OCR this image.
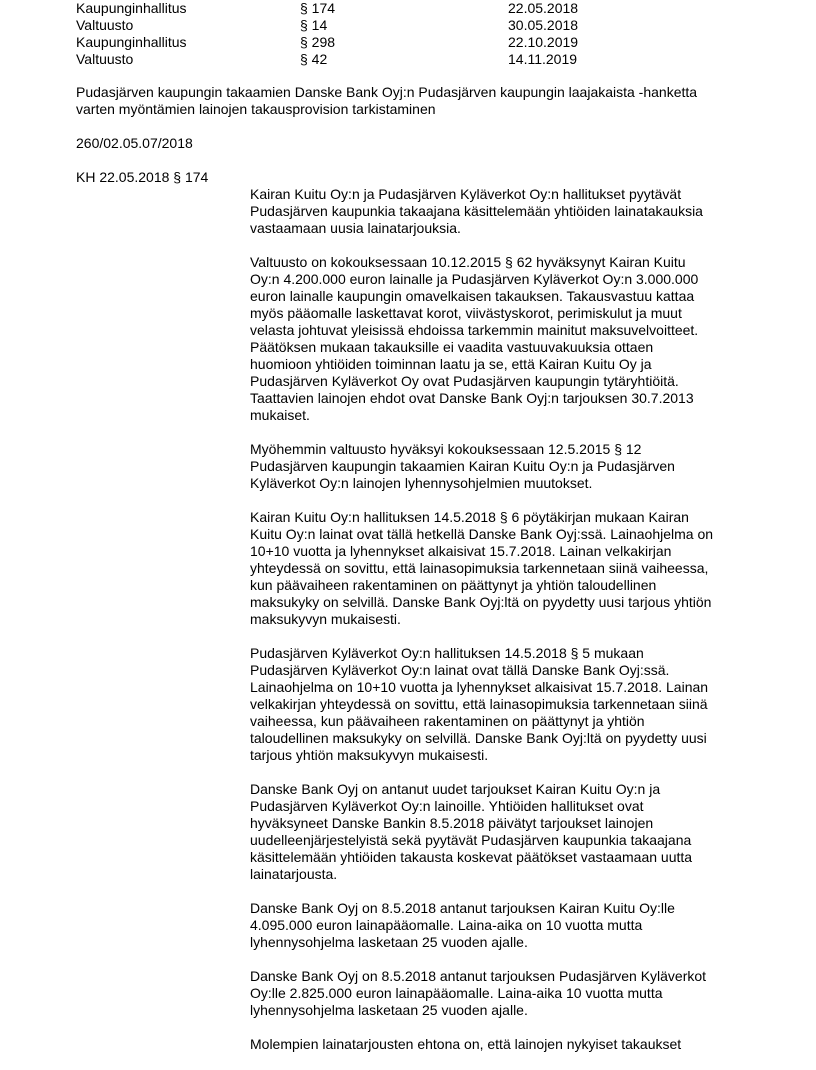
Kaupunginhallitus	§ 174	22.05.2018
Valtuusto	§ 14	30.05.2018
Kaupunginhallitus	§ 298	22.10.2019
Valtuusto	§ 42	14.11.2019
Pudasjärven kaupungin takaamien Danske Bank Oyj:n Pudasjärven kaupungin laajakaista -hanketta
varten myöntämien lainojen takausprovision tarkistaminen
260/02.05.07/2018
KH 22.05.2018 § 174

Kairan Kuitu Oy:n ja Pudasjärven Kyläverkot Oy:n hallitukset pyytävät
Pudasjärven kaupunkia takaajana käsittelemään yhtiöiden lainatakauksia
vastaamaan uusia lainatarjouksia.

Valtuusto on kokouksessaan 10.12.2015 § 62 hyväksynyt Kairan Kuitu
Oy:n 4.200.000 euron lainalle ja Pudasjärven Kyläverkot Oy:n 3.000.000
euron lainalle kaupungin omavelkaisen takauksen. Takausvastuu kattaa
myös pääomalle laskettavat korot, viivästyskorot, perimiskulut ja muut
velasta johtuvat yleisissä ehdoissa tarkemmin mainitut maksuvelvoitteet.
Päätöksen mukaan takauksille ei vaadita vastuuvakuuksia ottaen
huomioon yhtiöiden toiminnan laatu ja se, että Kairan Kuitu Oy ja
Pudasjärven Kyläverkot Oy ovat Pudasjärven kaupungin tytäryhtiöitä.
Taattavien lainojen ehdot ovat Danske Bank Oyj:n tarjouksen 30.7.2013
mukaiset.

Myöhemmin valtuusto hyväksyi kokouksessaan 12.5.2015 § 12
Pudasjärven kaupungin takaamien Kairan Kuitu Oy:n ja Pudasjärven
Kyläverkot Oy:n lainojen lyhennysohjelmien muutokset.

Kairan Kuitu Oy:n hallituksen 14.5.2018 § 6 pöytäkirjan mukaan Kairan
Kuitu Oy:n lainat ovat tällä hetkellä Danske Bank Oyj:ssä. Lainaohjelma on
10+10 vuotta ja lyhennykset alkaisivat 15.7.2018. Lainan velkakirjan
yhteydessä on sovittu, että lainasopimuksia tarkennetaan siinä vaiheessa,
kun päävaiheen rakentaminen on päättynyt ja yhtiön taloudellinen
maksukyky on selvillä. Danske Bank Oyj:ltä on pyydetty uusi tarjous yhtiön
maksukyvyn mukaisesti.

Pudasjärven Kyläverkot Oy:n hallituksen 14.5.2018 § 5 mukaan
Pudasjärven Kyläverkot Oy:n lainat ovat tällä Danske Bank Oyj:ssä.
Lainaohjelma on 10+10 vuotta ja lyhennykset alkaisivat 15.7.2018. Lainan
velkakirjan yhteydessä on sovittu, että lainasopimuksia tarkennetaan siinä
vaiheessa, kun päävaiheen rakentaminen on päättynyt ja yhtiön
taloudellinen maksukyky on selvillä. Danske Bank Oyj:ltä on pyydetty uusi
tarjous yhtiön maksukyvyn mukaisesti.

Danske Bank Oyj on antanut uudet tarjoukset Kairan Kuitu Oy:n ja
Pudasjärven Kyläverkot Oy:n lainoille. Yhtiöiden hallitukset ovat
hyväksyneet Danske Bankin 8.5.2018 päivätyt tarjoukset lainojen
uudelleenjärjestelyistä sekä pyytävät Pudasjärven kaupunkia takaajana
käsittelemään yhtiöiden takausta koskevat päätökset vastaamaan uutta
lainatarjousta.

Danske Bank Oyj on 8.5.2018 antanut tarjouksen Kairan Kuitu Oy:lle
4.095.000 euron lainapääomalle. Laina-aika on 10 vuotta mutta
lyhennysohjelma lasketaan 25 vuoden ajalle.

Danske Bank Oyj on 8.5.2018 antanut tarjouksen Pudasjärven Kyläverkot
Oy:lle 2.825.000 euron lainapääomalle. Laina-aika 10 vuotta mutta
lyhennysohjelma lasketaan 25 vuoden ajalle.

Molempien lainatarjousten ehtona on, että lainojen nykyiset takaukset
